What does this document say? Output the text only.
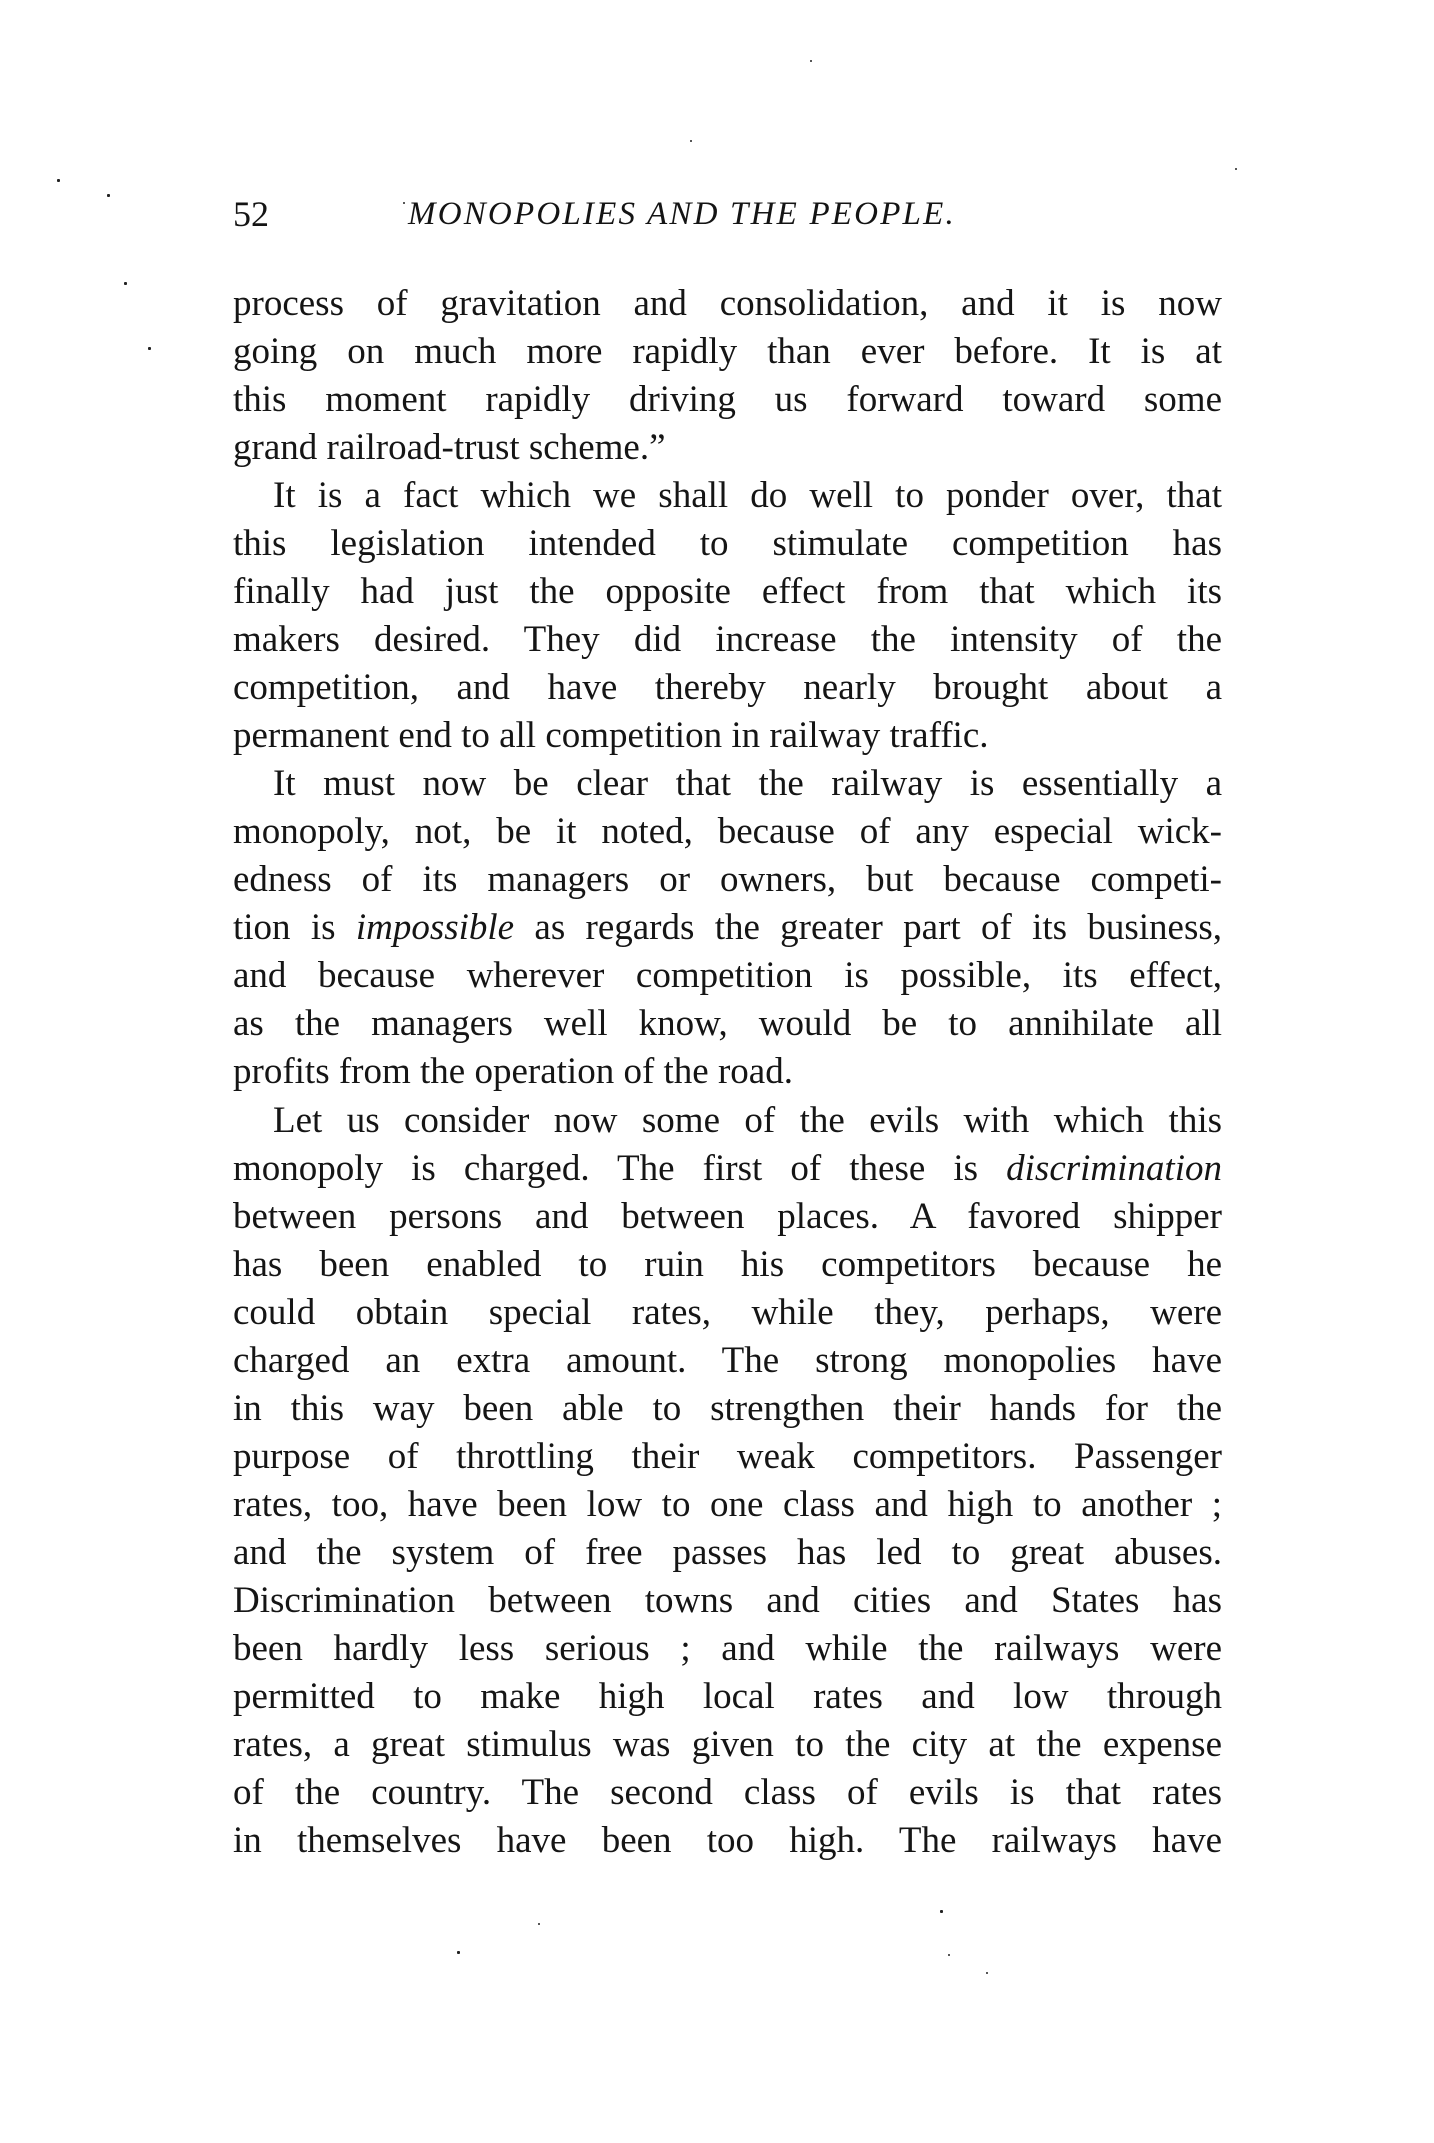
52	MONOPOLIES AND THE PEOPLE.
process of gravitation and consolidation, and it is now
going on much more rapidly than ever before. It is at
this moment rapidly driving us forward toward some
grand railroad-trust scheme.”
It is a fact which we shall do well to ponder over, that
this legislation intended to stimulate competition has
finally had just the opposite effect from that which its
makers desired. They did increase the intensity of the
competition, and have thereby nearly brought about a
permanent end to all competition in railway traffic.
It must now be clear that the railway is essentially a
monopoly, not, be it noted, because of any especial wick-
edness of its managers or owners, but because competi-
tion is impossible as regards the greater part of its business,
and because wherever competition is possible, its effect,
as the managers well know, would be to annihilate all
profits from the operation of the road.
Let us consider now some of the evils with which this
monopoly is charged. The first of these is discrimination
between persons and between places. A favored shipper
has been enabled to ruin his competitors because he
could obtain special rates, while they, perhaps, were
charged an extra amount. The strong monopolies have
in this way been able to strengthen their hands for the
purpose of throttling their weak competitors. Passenger
rates, too, have been low to one class and high to another ;
and the system of free passes has led to great abuses.
Discrimination between towns and cities and States has
been hardly less serious ; and while the railways were
permitted to make high local rates and low through
rates, a great stimulus was given to the city at the expense
of the country. The second class of evils is that rates
in themselves have been too high. The railways have
